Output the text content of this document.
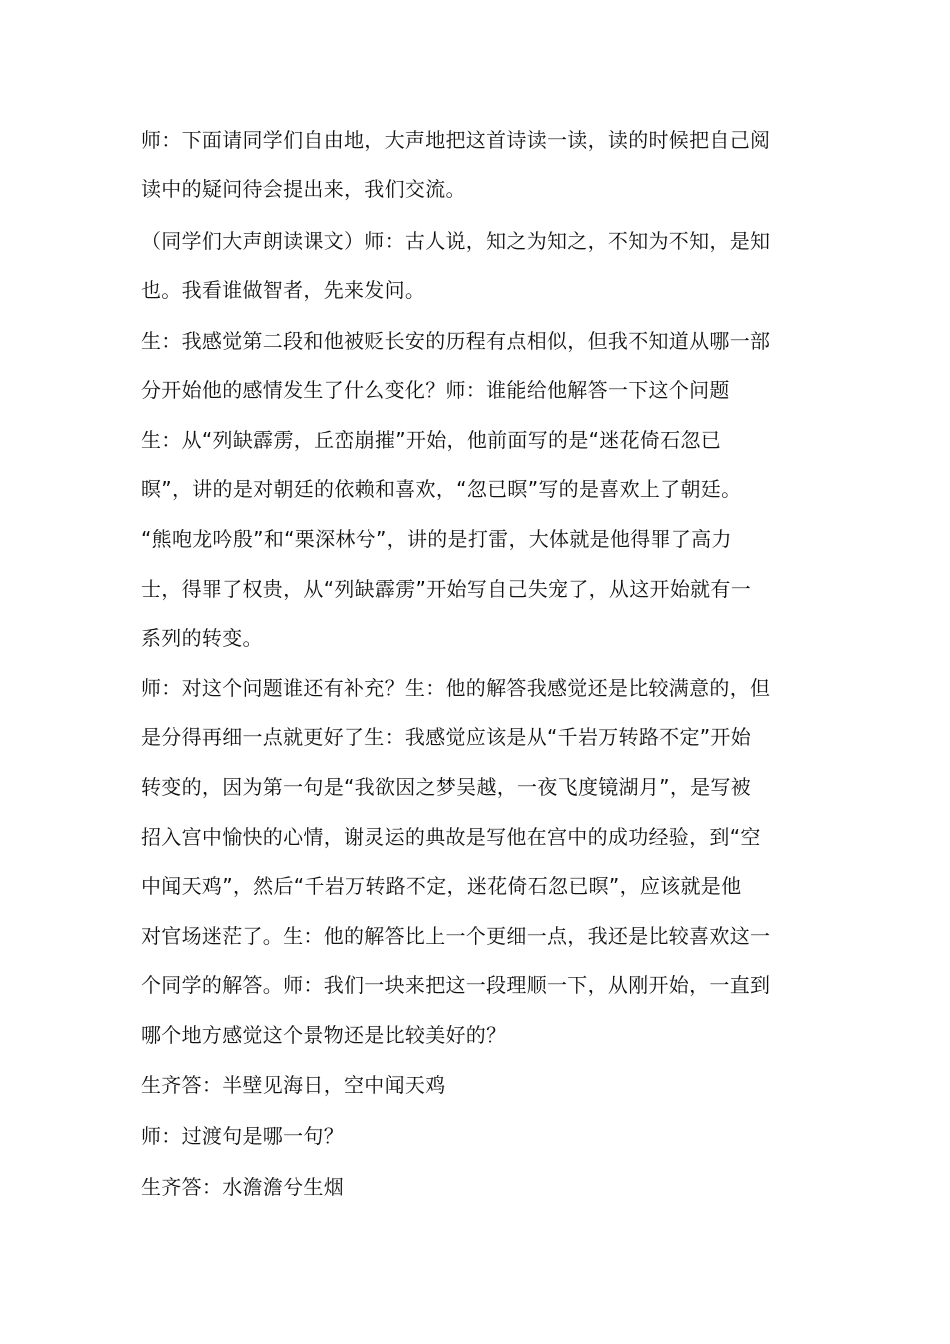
师：下面请同学们自由地，大声地把这首诗读一读，读的时候把自己阅
读中的疑问待会提出来，我们交流。
（同学们大声朗读课文）师：古人说，知之为知之，不知为不知，是知
也。我看谁做智者，先来发问。
生：我感觉第二段和他被贬长安的历程有点相似，但我不知道从哪一部
分开始他的感情发生了什么变化？师：谁能给他解答一下这个问题
生：从“列缺霹雳，丘峦崩摧”开始，他前面写的是“迷花倚石忽已
暝”，讲的是对朝廷的依赖和喜欢，“忽已暝”写的是喜欢上了朝廷。
“熊咆龙吟殷”和“栗深林兮”，讲的是打雷，大体就是他得罪了高力
士，得罪了权贵，从“列缺霹雳”开始写自己失宠了，从这开始就有一
系列的转变。
师：对这个问题谁还有补充？生：他的解答我感觉还是比较满意的，但
是分得再细一点就更好了生：我感觉应该是从“千岩万转路不定”开始
转变的，因为第一句是“我欲因之梦吴越，一夜飞度镜湖月”，是写被
招入宫中愉快的心情，谢灵运的典故是写他在宫中的成功经验，到“空
中闻天鸡”，然后“千岩万转路不定，迷花倚石忽已暝”，应该就是他
对官场迷茫了。生：他的解答比上一个更细一点，我还是比较喜欢这一
个同学的解答。师：我们一块来把这一段理顺一下，从刚开始，一直到
哪个地方感觉这个景物还是比较美好的？
生齐答：半壁见海日，空中闻天鸡
师：过渡句是哪一句？
生齐答：水澹澹兮生烟
